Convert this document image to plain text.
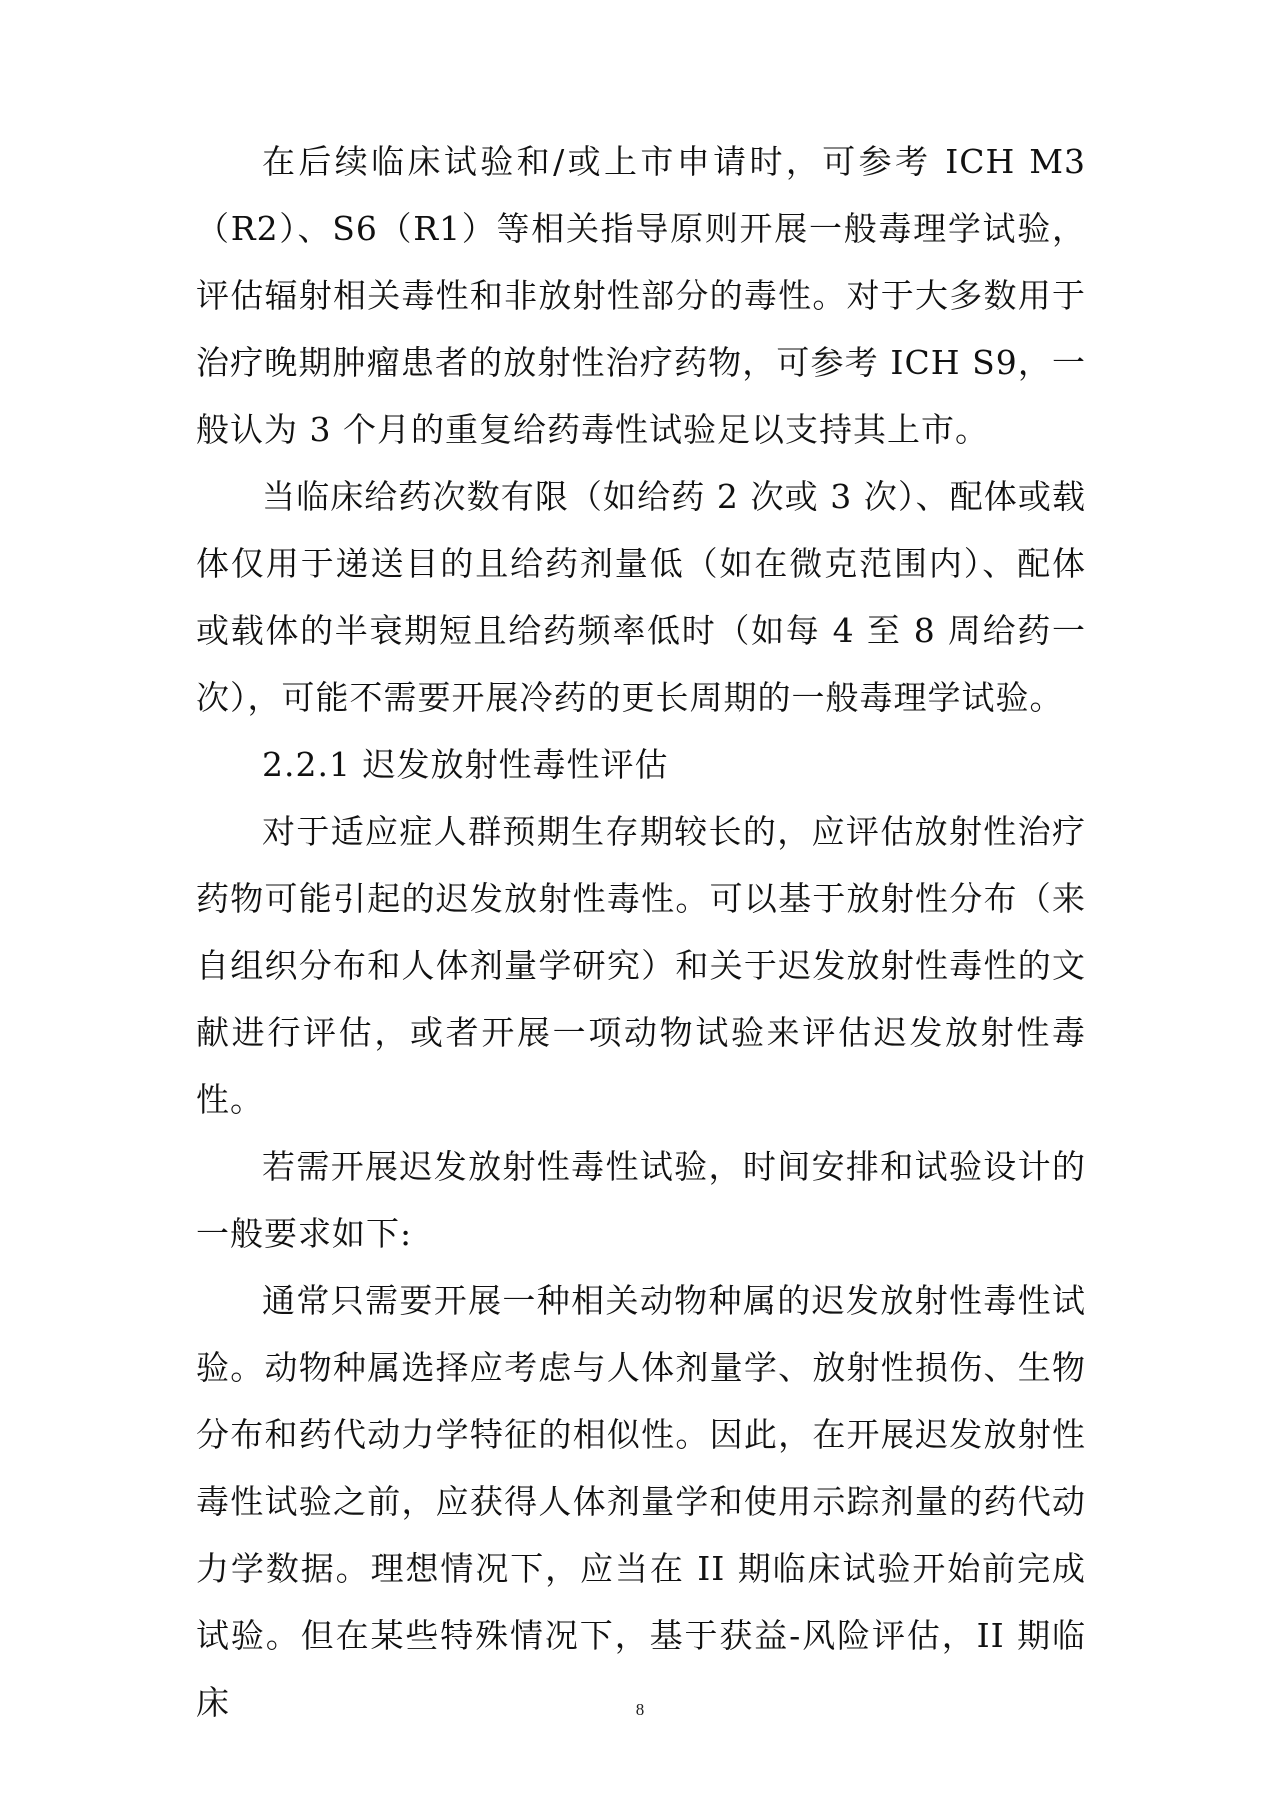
在后续临床试验和/或上市申请时，可参考 ICH M3（R2）、S6（R1）等相关指导原则开展一般毒理学试验，评估辐射相关毒性和非放射性部分的毒性。对于大多数用于治疗晚期肿瘤患者的放射性治疗药物，可参考 ICH S9，一般认为 3 个月的重复给药毒性试验足以支持其上市。

当临床给药次数有限（如给药 2 次或 3 次）、配体或载体仅用于递送目的且给药剂量低（如在微克范围内）、配体或载体的半衰期短且给药频率低时（如每 4 至 8 周给药一次），可能不需要开展冷药的更长周期的一般毒理学试验。

2.2.1 迟发放射性毒性评估

对于适应症人群预期生存期较长的，应评估放射性治疗药物可能引起的迟发放射性毒性。可以基于放射性分布（来自组织分布和人体剂量学研究）和关于迟发放射性毒性的文献进行评估，或者开展一项动物试验来评估迟发放射性毒性。

若需开展迟发放射性毒性试验，时间安排和试验设计的一般要求如下:

通常只需要开展一种相关动物种属的迟发放射性毒性试验。动物种属选择应考虑与人体剂量学、放射性损伤、生物分布和药代动力学特征的相似性。因此，在开展迟发放射性毒性试验之前，应获得人体剂量学和使用示踪剂量的药代动力学数据。理想情况下，应当在 II 期临床试验开始前完成试验。但在某些特殊情况下，基于获益-风险评估，II 期临床	8
